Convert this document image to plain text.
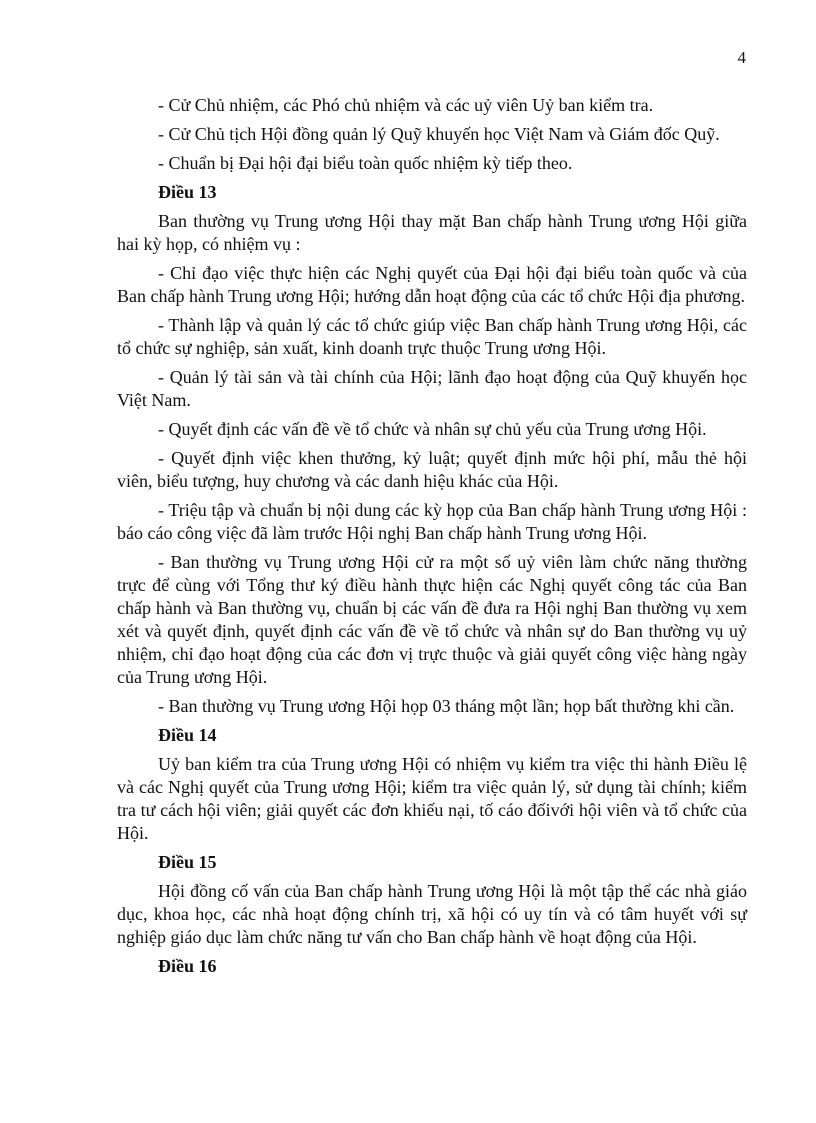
4

- Cử Chủ nhiệm, các Phó chủ nhiệm và các uỷ viên Uỷ ban kiểm tra.

- Cử Chủ tịch Hội đồng quản lý Quỹ khuyến học Việt Nam và Giám đốc Quỹ.

- Chuẩn bị Đại hội đại biểu toàn quốc nhiệm kỳ tiếp theo.

Điều 13

Ban thường vụ Trung ương Hội thay mặt Ban chấp hành Trung ương Hội giữa hai kỳ họp, có nhiệm vụ :

- Chỉ đạo việc thực hiện các Nghị quyết của Đại hội đại biểu toàn quốc và của Ban chấp hành Trung ương Hội; hướng dẫn hoạt động của các tổ chức Hội địa phương.

- Thành lập và quản lý các tổ chức giúp việc Ban chấp hành Trung ương Hội, các tổ chức sự nghiệp, sản xuất, kinh doanh trực thuộc Trung ương Hội.

- Quản lý tài sản và tài chính của Hội; lãnh đạo hoạt động của Quỹ khuyến học Việt Nam.

- Quyết định các vấn đề về tổ chức và nhân sự chủ yếu của Trung ương Hội.

- Quyết định việc khen thưởng, kỷ luật; quyết định mức hội phí, mẫu thẻ hội viên, biểu tượng, huy chương và các danh hiệu khác của Hội.

- Triệu tập và chuẩn bị nội dung các kỳ họp của Ban chấp hành Trung ương Hội : báo cáo công việc đã làm trước Hội nghị Ban chấp hành Trung ương Hội.

- Ban thường vụ Trung ương Hội cử ra một số uỷ viên làm chức năng thường trực để cùng với Tổng thư ký điều hành thực hiện các Nghị quyết công tác của Ban chấp hành và Ban thường vụ, chuẩn bị các vấn đề đưa ra Hội nghị Ban thường vụ xem xét và quyết định, quyết định các vấn đề về tổ chức và nhân sự do Ban thường vụ uỷ nhiệm, chỉ đạo hoạt động của các đơn vị trực thuộc và giải quyết công việc hàng ngày của Trung ương Hội.

- Ban thường vụ Trung ương Hội họp 03 tháng một lần; họp bất thường khi cần.

Điều 14

Uỷ ban kiểm tra của Trung ương Hội có nhiệm vụ kiểm tra việc thi hành Điều lệ và các Nghị quyết của Trung ương Hội; kiểm tra việc quản lý, sử dụng tài chính; kiểm tra tư cách hội viên; giải quyết các đơn khiếu nại, tố cáo đốivới hội viên và tổ chức của Hội.

Điều 15

Hội đồng cố vấn của Ban chấp hành Trung ương Hội là một tập thể các nhà giáo dục, khoa học, các nhà hoạt động chính trị, xã hội có uy tín và có tâm huyết với sự nghiệp giáo dục làm chức năng tư vấn cho Ban chấp hành về hoạt động của Hội.

Điều 16
